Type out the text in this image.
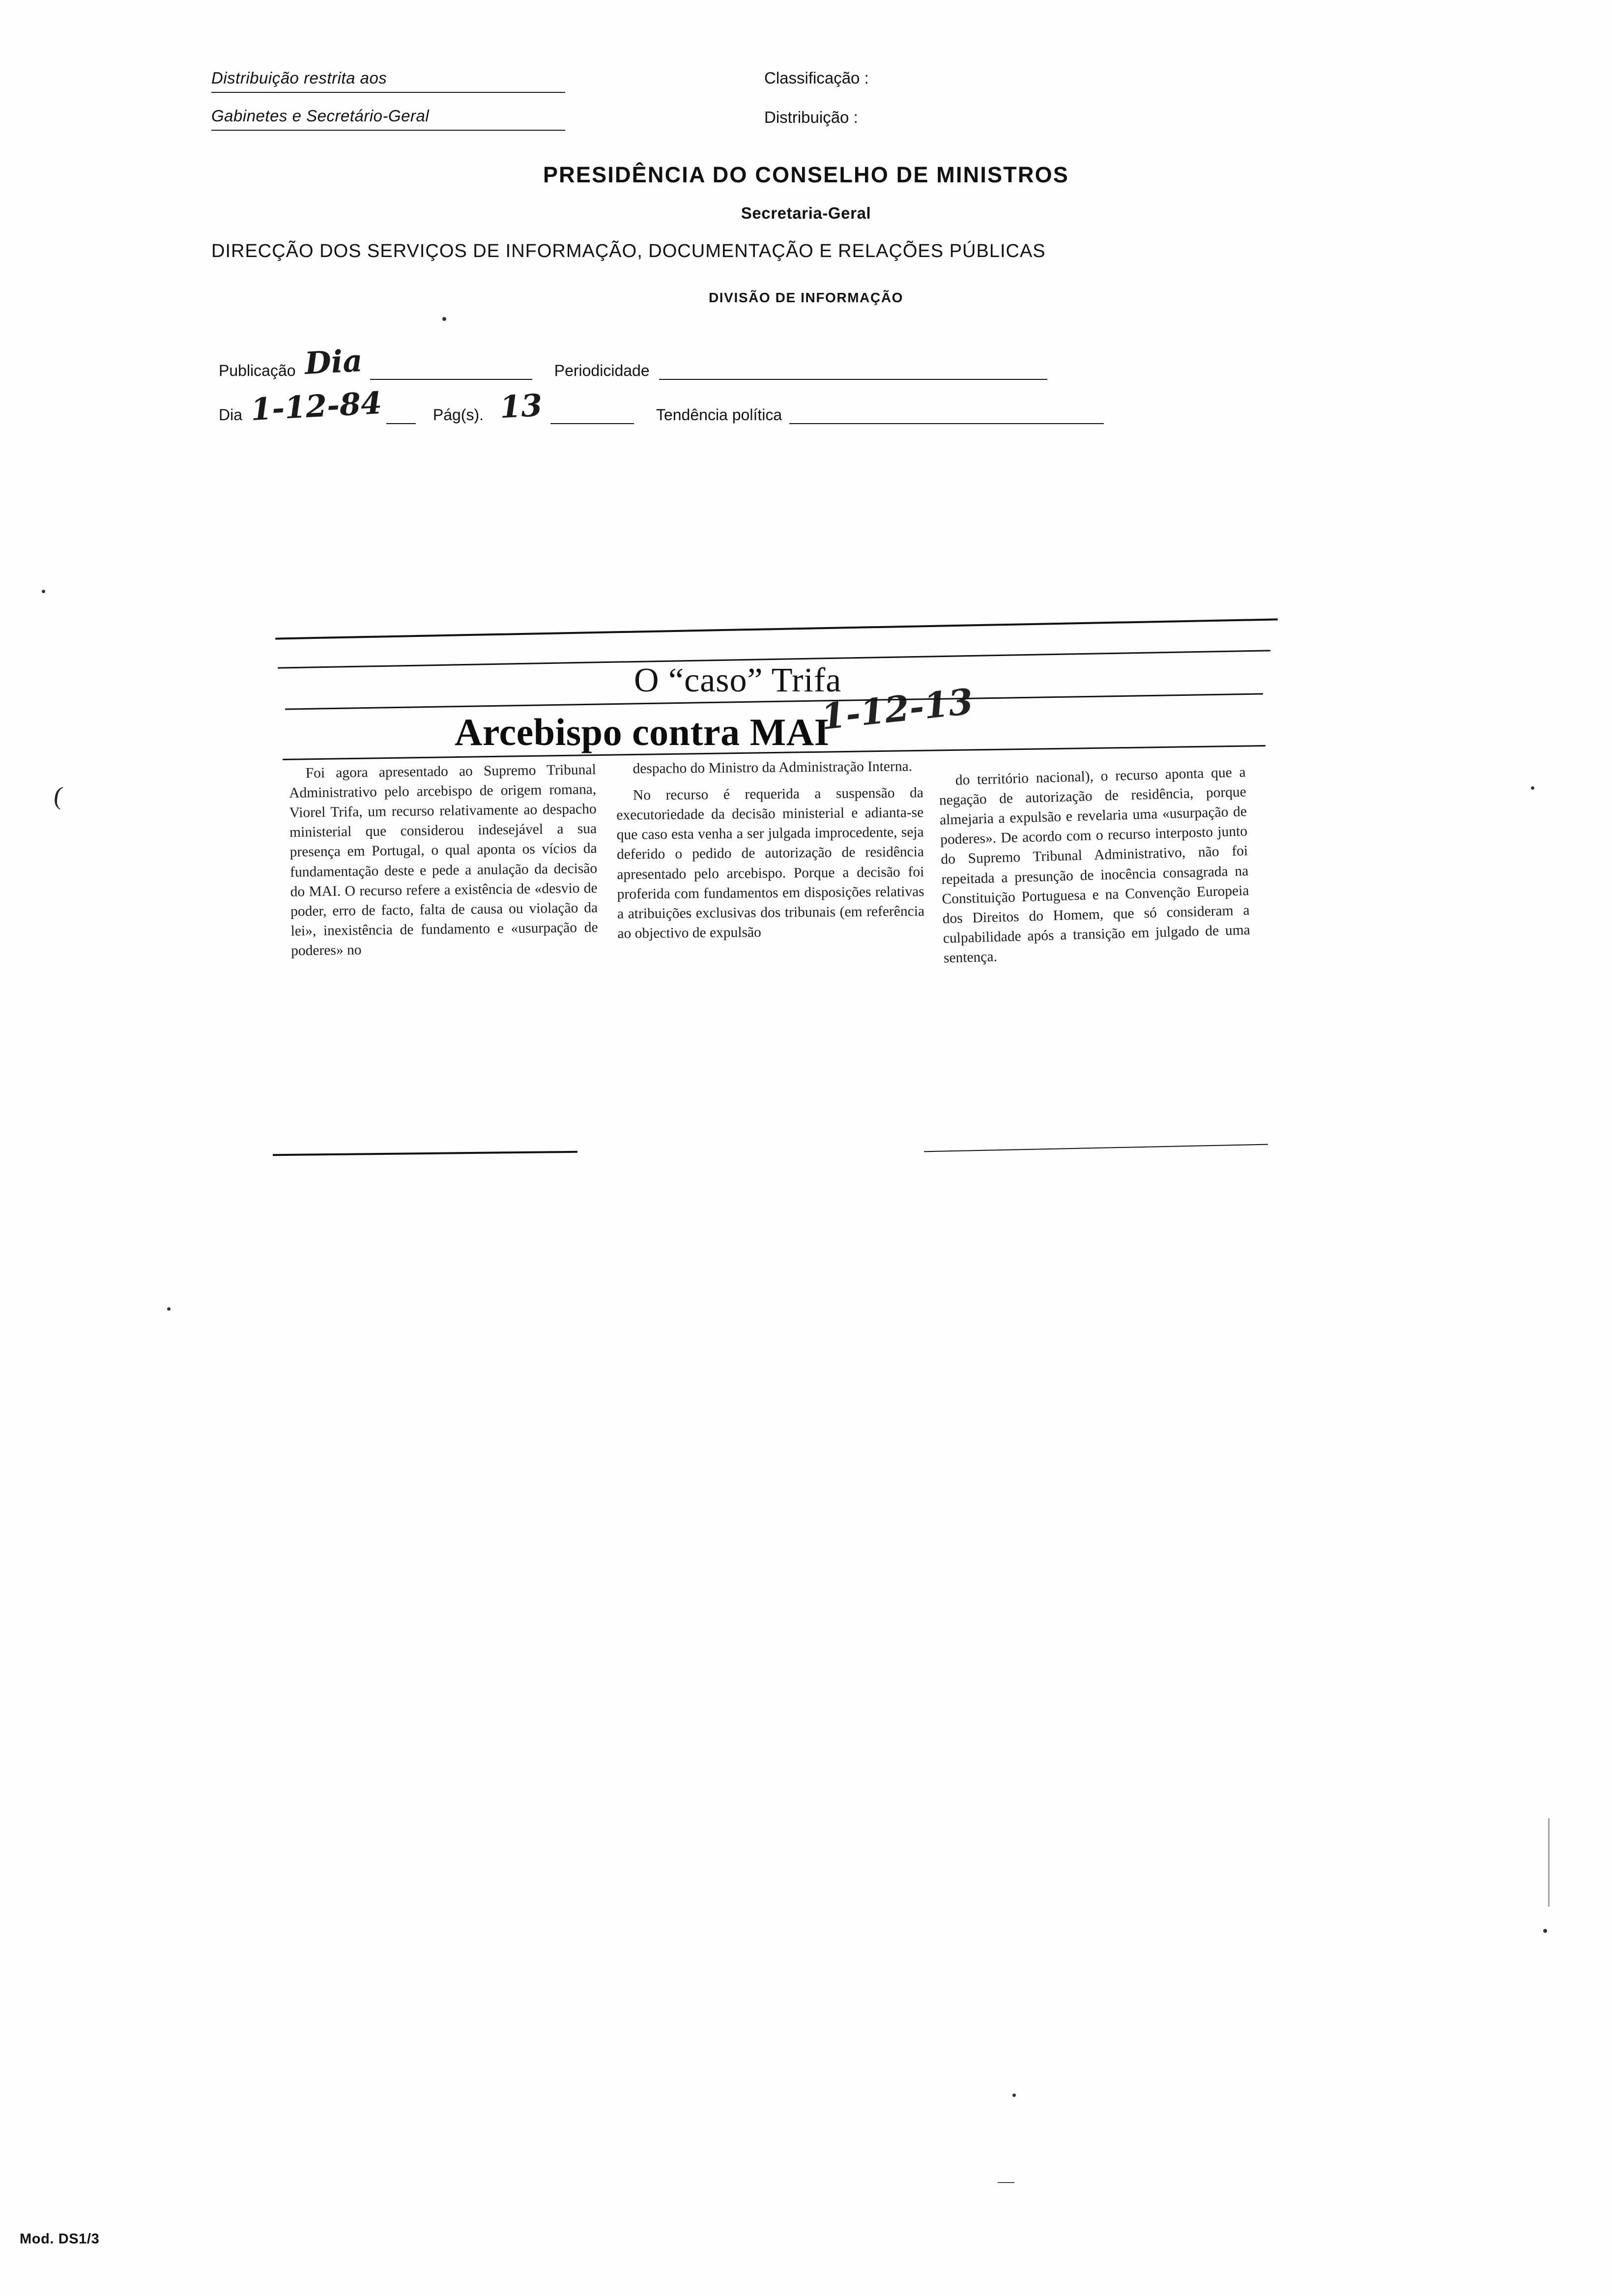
Distribuição restrita aos
Gabinetes e Secretário-Geral
Classificação :
Distribuição :
PRESIDÊNCIA DO CONSELHO DE MINISTROS
Secretaria-Geral
DIRECÇÃO DOS SERVIÇOS DE INFORMAÇÃO, DOCUMENTAÇÃO E RELAÇÕES PÚBLICAS
DIVISÃO DE INFORMAÇÃO
Publicação Dia	Periodicidade
Dia 1-12-84	Pág(s). 13	Tendência política
O “caso” Trifa
Arcebispo contra MAI
1-12-13

Foi agora apresentado ao Supremo Tribunal Administrativo pelo arcebispo de origem romana, Viorel Trifa, um recurso relativamente ao despacho ministerial que considerou indesejável a sua presença em Portugal, o qual aponta os vícios da fundamentação deste e pede a anulação da decisão do MAI. O recurso refere a existência de «desvio de poder, erro de facto, falta de causa ou violação da lei», inexistência de fundamento e «usurpação de poderes» no

despacho do Ministro da Administração Interna.

No recurso é requerida a suspensão da executoriedade da decisão ministerial e adianta-se que caso esta venha a ser julgada improcedente, seja deferido o pedido de autorização de residência apresentado pelo arcebispo. Porque a decisão foi proferida com fundamentos em disposições relativas a atribuições exclusivas dos tribunais (em referência ao objectivo de expulsão

do território nacional), o recurso aponta que a negação de autorização de residência, porque almejaria a expulsão e revelaria uma «usurpação de poderes». De acordo com o recurso interposto junto do Supremo Tribunal Administrativo, não foi repeitada a presunção de inocência consagrada na Constituição Portuguesa e na Convenção Europeia dos Direitos do Homem, que só consideram a culpabilidade após a transição em julgado de uma sentença.

(
—
Mod. DS1/3
